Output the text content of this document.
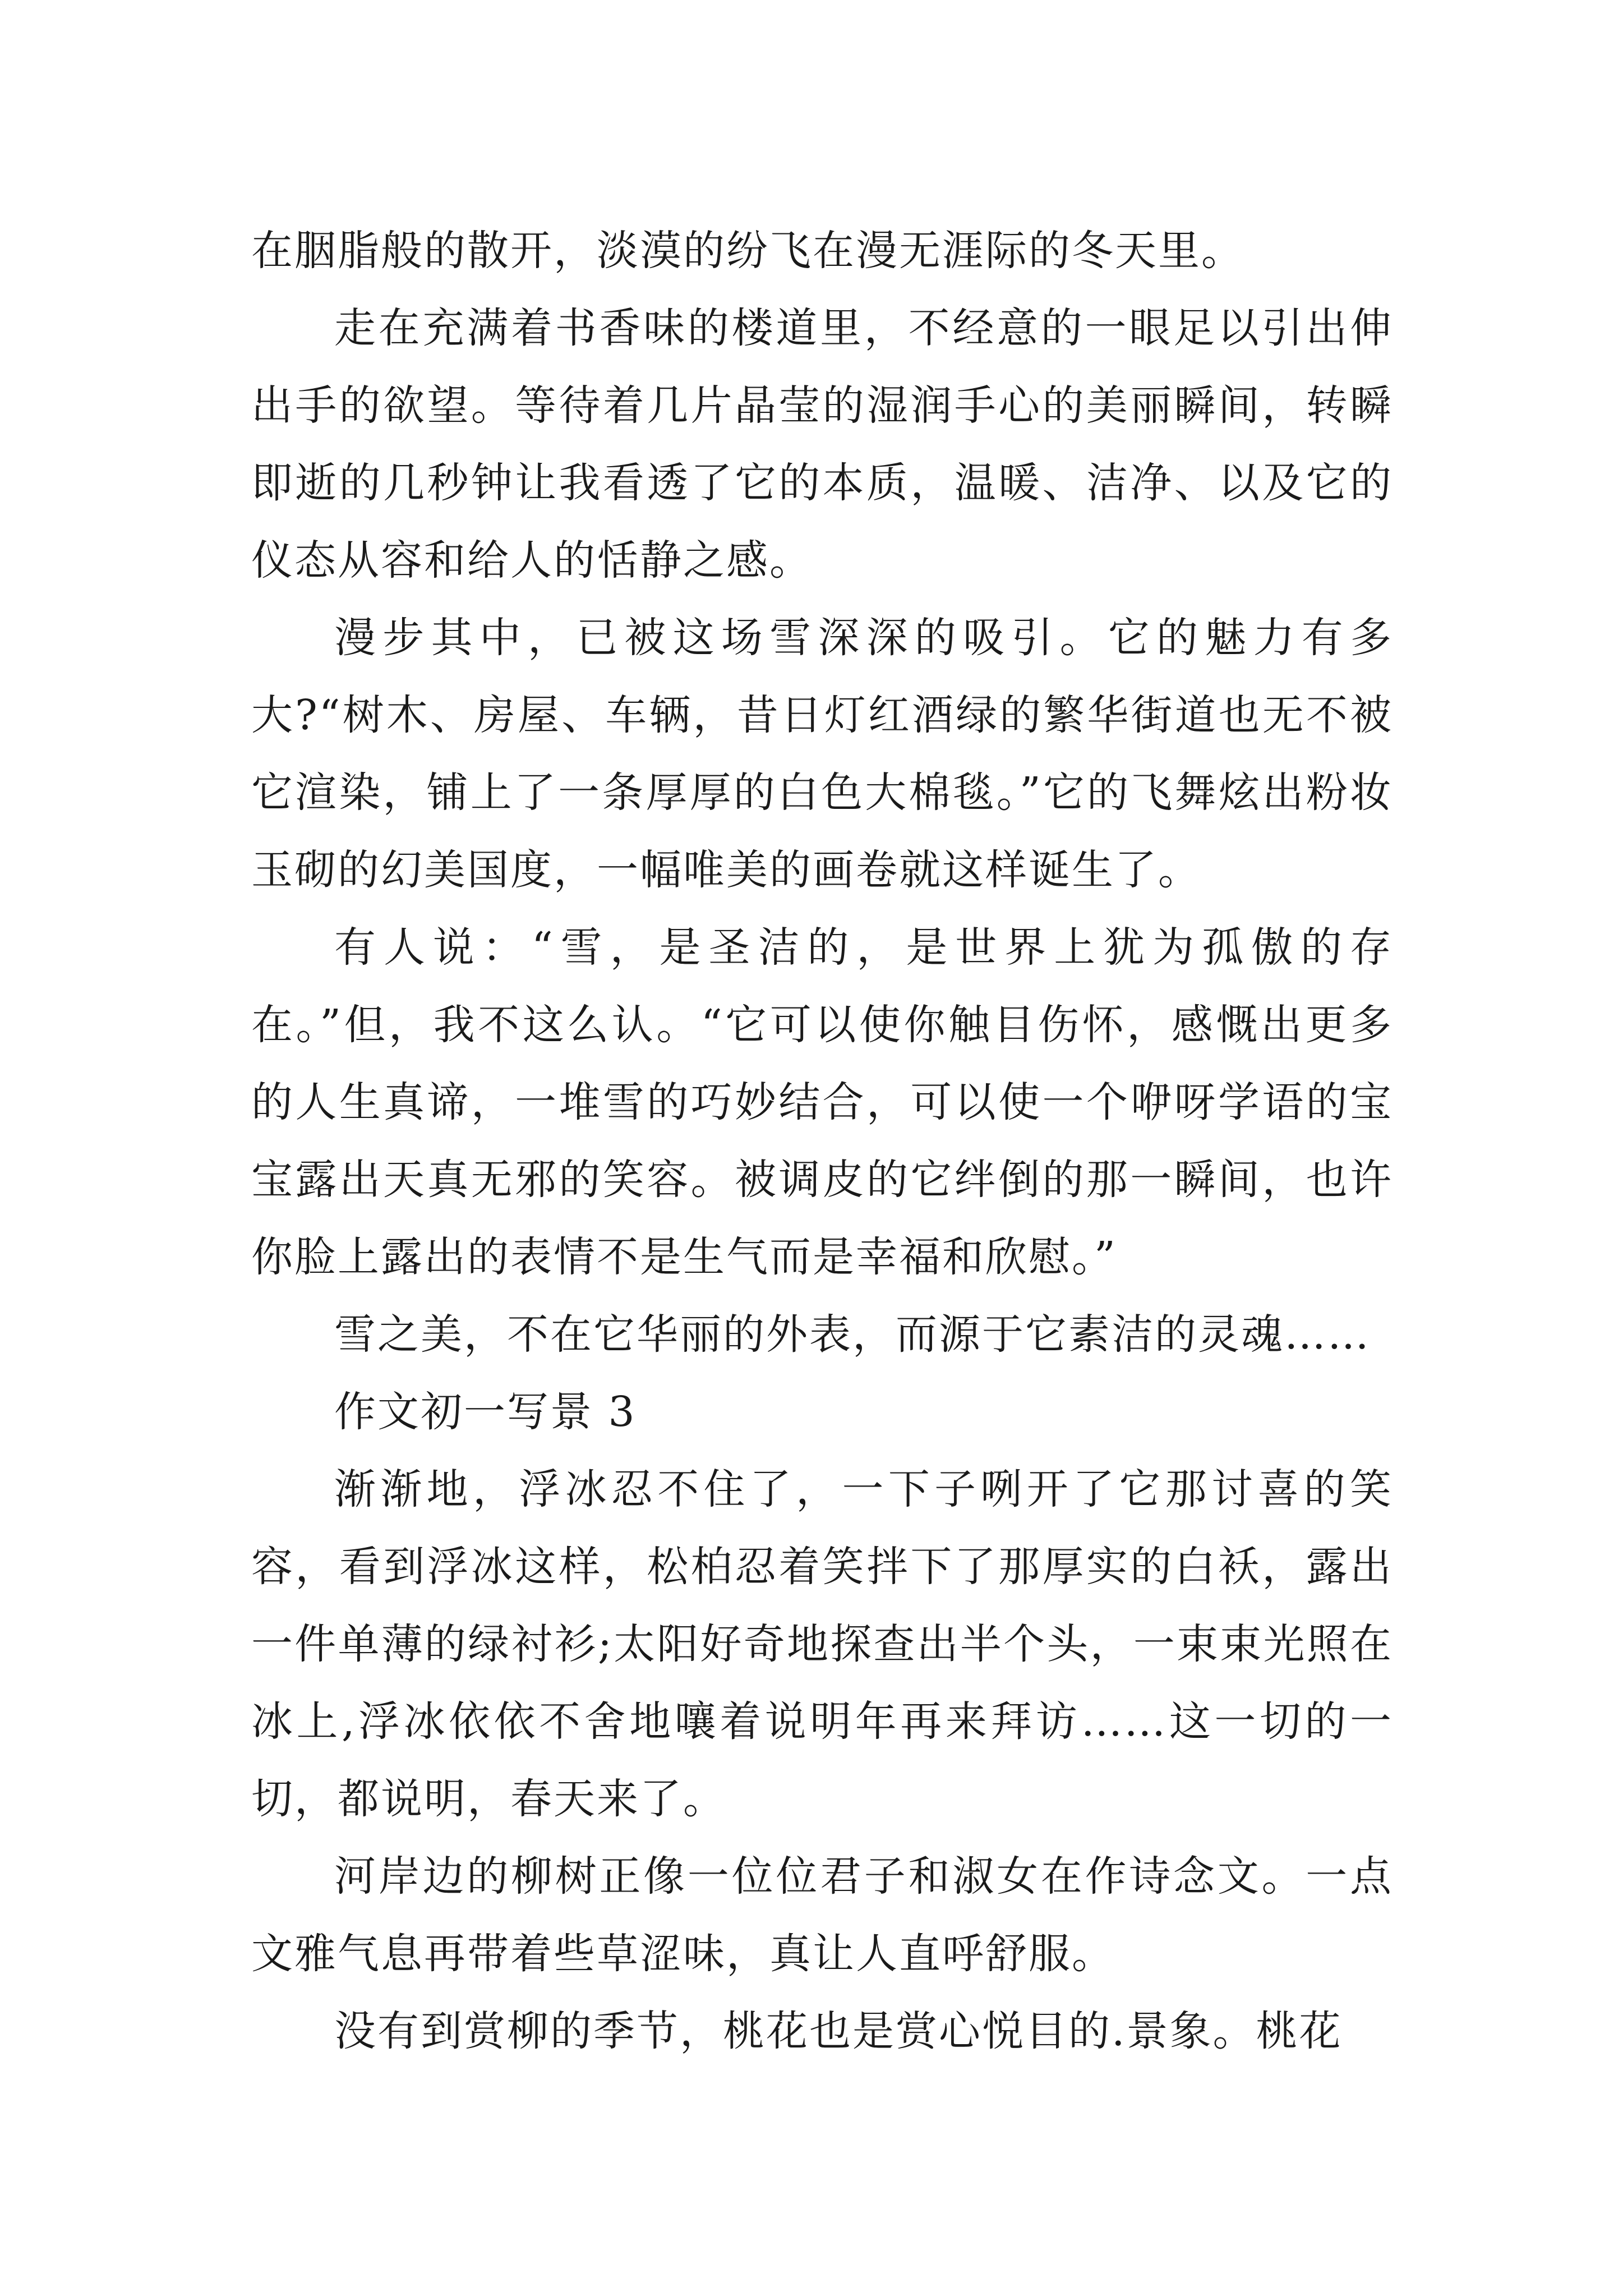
在胭脂般的散开，淡漠的纷飞在漫无涯际的冬天里。

走在充满着书香味的楼道里，不经意的一眼足以引出伸出手的欲望。等待着几片晶莹的湿润手心的美丽瞬间，转瞬即逝的几秒钟让我看透了它的本质，温暖、洁净、以及它的仪态从容和给人的恬静之感。

漫步其中，已被这场雪深深的吸引。它的魅力有多大?“树木、房屋、车辆，昔日灯红酒绿的繁华街道也无不被它渲染，铺上了一条厚厚的白色大棉毯。”它的飞舞炫出粉妆玉砌的幻美国度，一幅唯美的画卷就这样诞生了。

有人说：“雪，是圣洁的，是世界上犹为孤傲的存在。”但，我不这么认。“它可以使你触目伤怀，感慨出更多的人生真谛，一堆雪的巧妙结合，可以使一个咿呀学语的宝宝露出天真无邪的笑容。被调皮的它绊倒的那一瞬间，也许你脸上露出的表情不是生气而是幸福和欣慰。”

雪之美，不在它华丽的外表，而源于它素洁的灵魂……

作文初一写景 3

渐渐地，浮冰忍不住了，一下子咧开了它那讨喜的笑容，看到浮冰这样，松柏忍着笑拌下了那厚实的白袄，露出一件单薄的绿衬衫;太阳好奇地探查出半个头，一束束光照在冰上,浮冰依依不舍地嚷着说明年再来拜访……这一切的一切，都说明，春天来了。

河岸边的柳树正像一位位君子和淑女在作诗念文。一点文雅气息再带着些草涩味，真让人直呼舒服。

没有到赏柳的季节，桃花也是赏心悦目的.景象。桃花
